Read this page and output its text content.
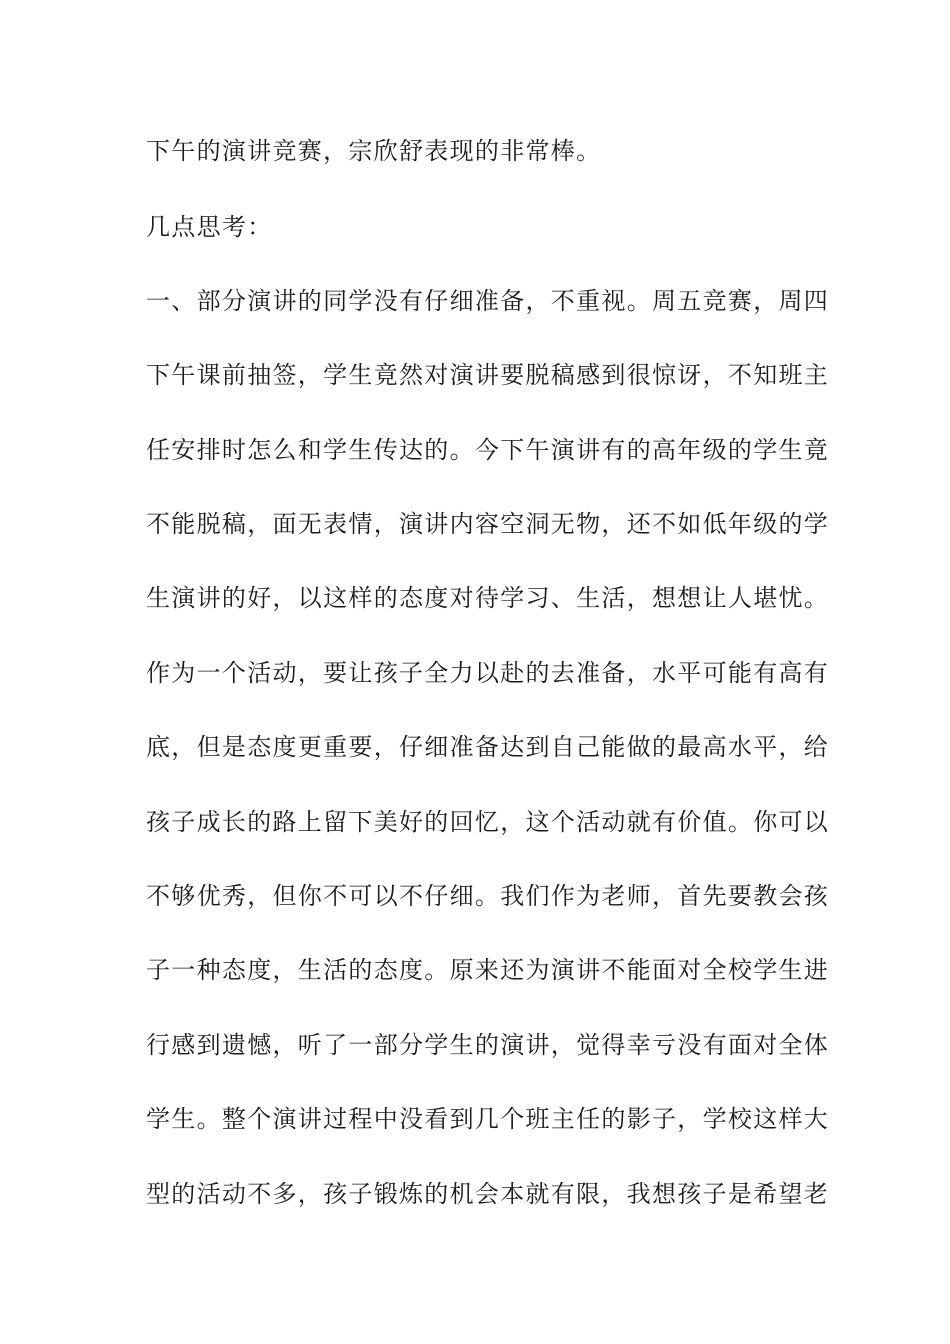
下午的演讲竞赛，宗欣舒表现的非常棒。

几点思考：

一、部分演讲的同学没有仔细准备，不重视。周五竞赛，周四

下午课前抽签，学生竟然对演讲要脱稿感到很惊讶，不知班主

任安排时怎么和学生传达的。今下午演讲有的高年级的学生竟

不能脱稿，面无表情，演讲内容空洞无物，还不如低年级的学

生演讲的好，以这样的态度对待学习、生活，想想让人堪忧。

作为一个活动，要让孩子全力以赴的去准备，水平可能有高有

底，但是态度更重要，仔细准备达到自己能做的最高水平，给

孩子成长的路上留下美好的回忆，这个活动就有价值。你可以

不够优秀，但你不可以不仔细。我们作为老师，首先要教会孩

子一种态度，生活的态度。原来还为演讲不能面对全校学生进

行感到遗憾，听了一部分学生的演讲，觉得幸亏没有面对全体

学生。整个演讲过程中没看到几个班主任的影子，学校这样大

型的活动不多，孩子锻炼的机会本就有限，我想孩子是希望老
